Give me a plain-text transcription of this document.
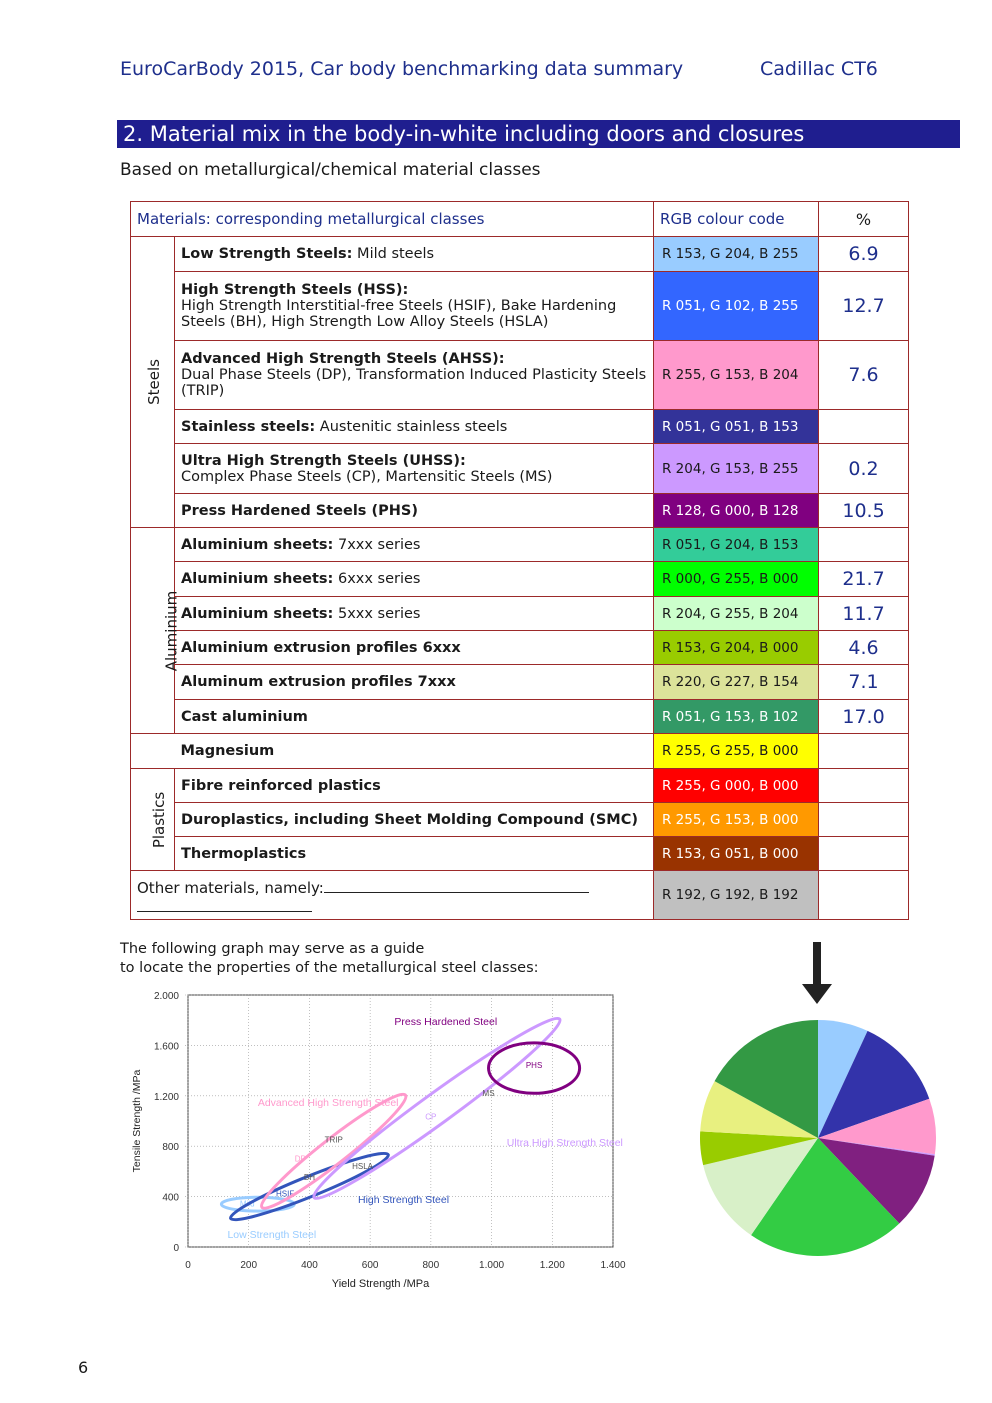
EuroCarBody 2015, Car body benchmarking data summary	Cadillac CT6
2. Material mix in the body-in-white including doors and closures
Based on metallurgical/chemical material classes
Materials: corresponding metallurgical classes		RGB colour code	%
Steels	Low Strength Steels: Mild steels	R 153, G 204, B 255	6.9
	High Strength Steels (HSS):
High Strength Interstitial-free Steels (HSIF), Bake Hardening Steels (BH), High Strength Low Alloy Steels (HSLA)	R 051, G 102, B 255	12.7
	Advanced High Strength Steels (AHSS):
Dual Phase Steels (DP), Transformation Induced Plasticity Steels (TRIP)	R 255, G 153, B 204	7.6
	Stainless steels: Austenitic stainless steels	R 051, G 051, B 153	
	Ultra High Strength Steels (UHSS):
Complex Phase Steels (CP), Martensitic Steels (MS)	R 204, G 153, B 255	0.2
	Press Hardened Steels (PHS)	R 128, G 000, B 128	10.5
Aluminium	Aluminium sheets: 7xxx series	R 051, G 204, B 153	
	Aluminium sheets: 6xxx series	R 000, G 255, B 000	21.7
	Aluminium sheets: 5xxx series	R 204, G 255, B 204	11.7
	Aluminium extrusion profiles 6xxx	R 153, G 204, B 000	4.6
	Aluminum extrusion profiles 7xxx	R 220, G 227, B 154	7.1
	Cast aluminium	R 051, G 153, B 102	17.0
	Magnesium	R 255, G 255, B 000	
Plastics	Fibre reinforced plastics	R 255, G 000, B 000	
	Duroplastics, including Sheet Molding Compound (SMC)	R 255, G 153, B 000	
	Thermoplastics	R 153, G 051, B 000	
Other materials, namely:		R 192, G 192, B 192	
The following graph may serve as a guide
to locate the properties of the metallurgical steel classes:
0	200	400	600	800	1.000	1.200	1.400
0
400
800
1.200
1.600
2.000
Yield Strength /MPa
Tensile Strength /MPa
Low Strength Steel
Mild	High Strength Steel
HSIF
Advanced High Strength Steel
DP
Ultra High Strength Steel
CP
Press Hardened Steel
PHS
TRIP
HSLA
BH
MS
6
